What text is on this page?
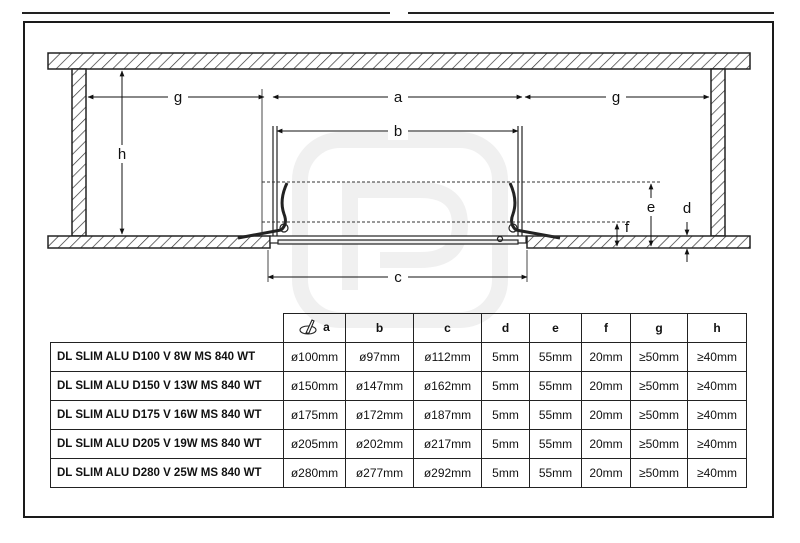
g	a	g
b
c
h
e
f
d

	a	b	c	d	e	f	g	h
DL SLIM ALU D100 V 8W MS 840 WT	ø100mm	ø97mm	ø112mm	5mm	55mm	20mm	≥50mm	≥40mm
DL SLIM ALU D150 V 13W MS 840 WT	ø150mm	ø147mm	ø162mm	5mm	55mm	20mm	≥50mm	≥40mm
DL SLIM ALU D175 V 16W MS 840 WT	ø175mm	ø172mm	ø187mm	5mm	55mm	20mm	≥50mm	≥40mm
DL SLIM ALU D205 V 19W MS 840 WT	ø205mm	ø202mm	ø217mm	5mm	55mm	20mm	≥50mm	≥40mm
DL SLIM ALU D280 V 25W MS 840 WT	ø280mm	ø277mm	ø292mm	5mm	55mm	20mm	≥50mm	≥40mm
